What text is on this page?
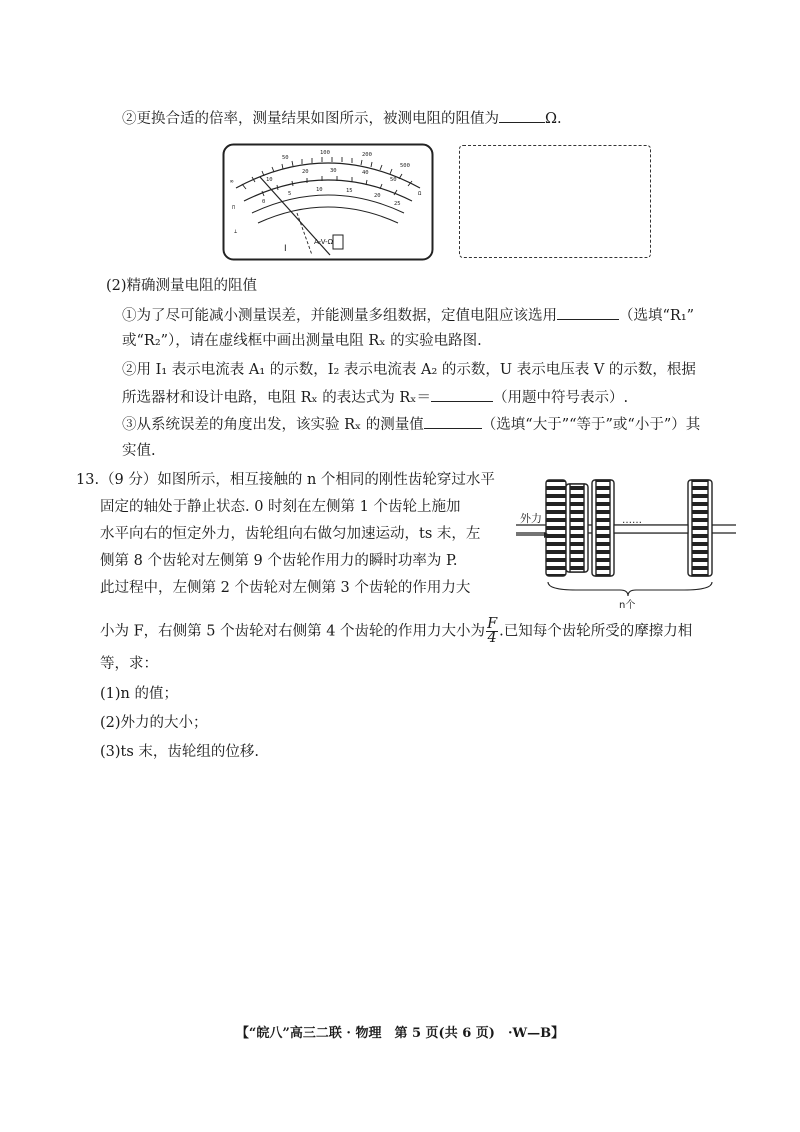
②更换合适的倍率，测量结果如图所示，被测电阻的阻值为	Ω.
∞
50
100	200
500
10
20	30	40
50
0
5
10	15
20
25
Ω
⊓
⊥
A-V-Ω
I
(2)精确测量电阻的阻值
①为了尽可能减小测量误差，并能测量多组数据，定值电阻应该选用	（选填“R₁”
或“R₂”），请在虚线框中画出测量电阻 Rₓ 的实验电路图.
②用 I₁ 表示电流表 A₁ 的示数，I₂ 表示电流表 A₂ 的示数，U 表示电压表 V 的示数，根据
所选器材和设计电路，电阻 Rₓ 的表达式为 Rₓ＝	（用题中符号表示）.
③从系统误差的角度出发，该实验 Rₓ 的测量值	（选填“大于”“等于”或“小于”）其
实值.
13. （9 分）如图所示，相互接触的 n 个相同的刚性齿轮穿过水平
固定的轴处于静止状态. 0 时刻在左侧第 1 个齿轮上施加
水平向右的恒定外力，齿轮组向右做匀加速运动，ts 末，左
侧第 8 个齿轮对左侧第 9 个齿轮作用力的瞬时功率为 P.
此过程中，左侧第 2 个齿轮对左侧第 3 个齿轮的作用力大
小为 F，右侧第 5 个齿轮对右侧第 4 个齿轮的作用力大小为 $\frac{F}{4}$ .已知每个齿轮所受的摩擦力相
等，求：
(1)n 的值；
(2)外力的大小；
(3)ts 末，齿轮组的位移.
外力	……
n个
【“皖八”高三二联 · 物理　第 5 页(共 6 页)　·W—B】
